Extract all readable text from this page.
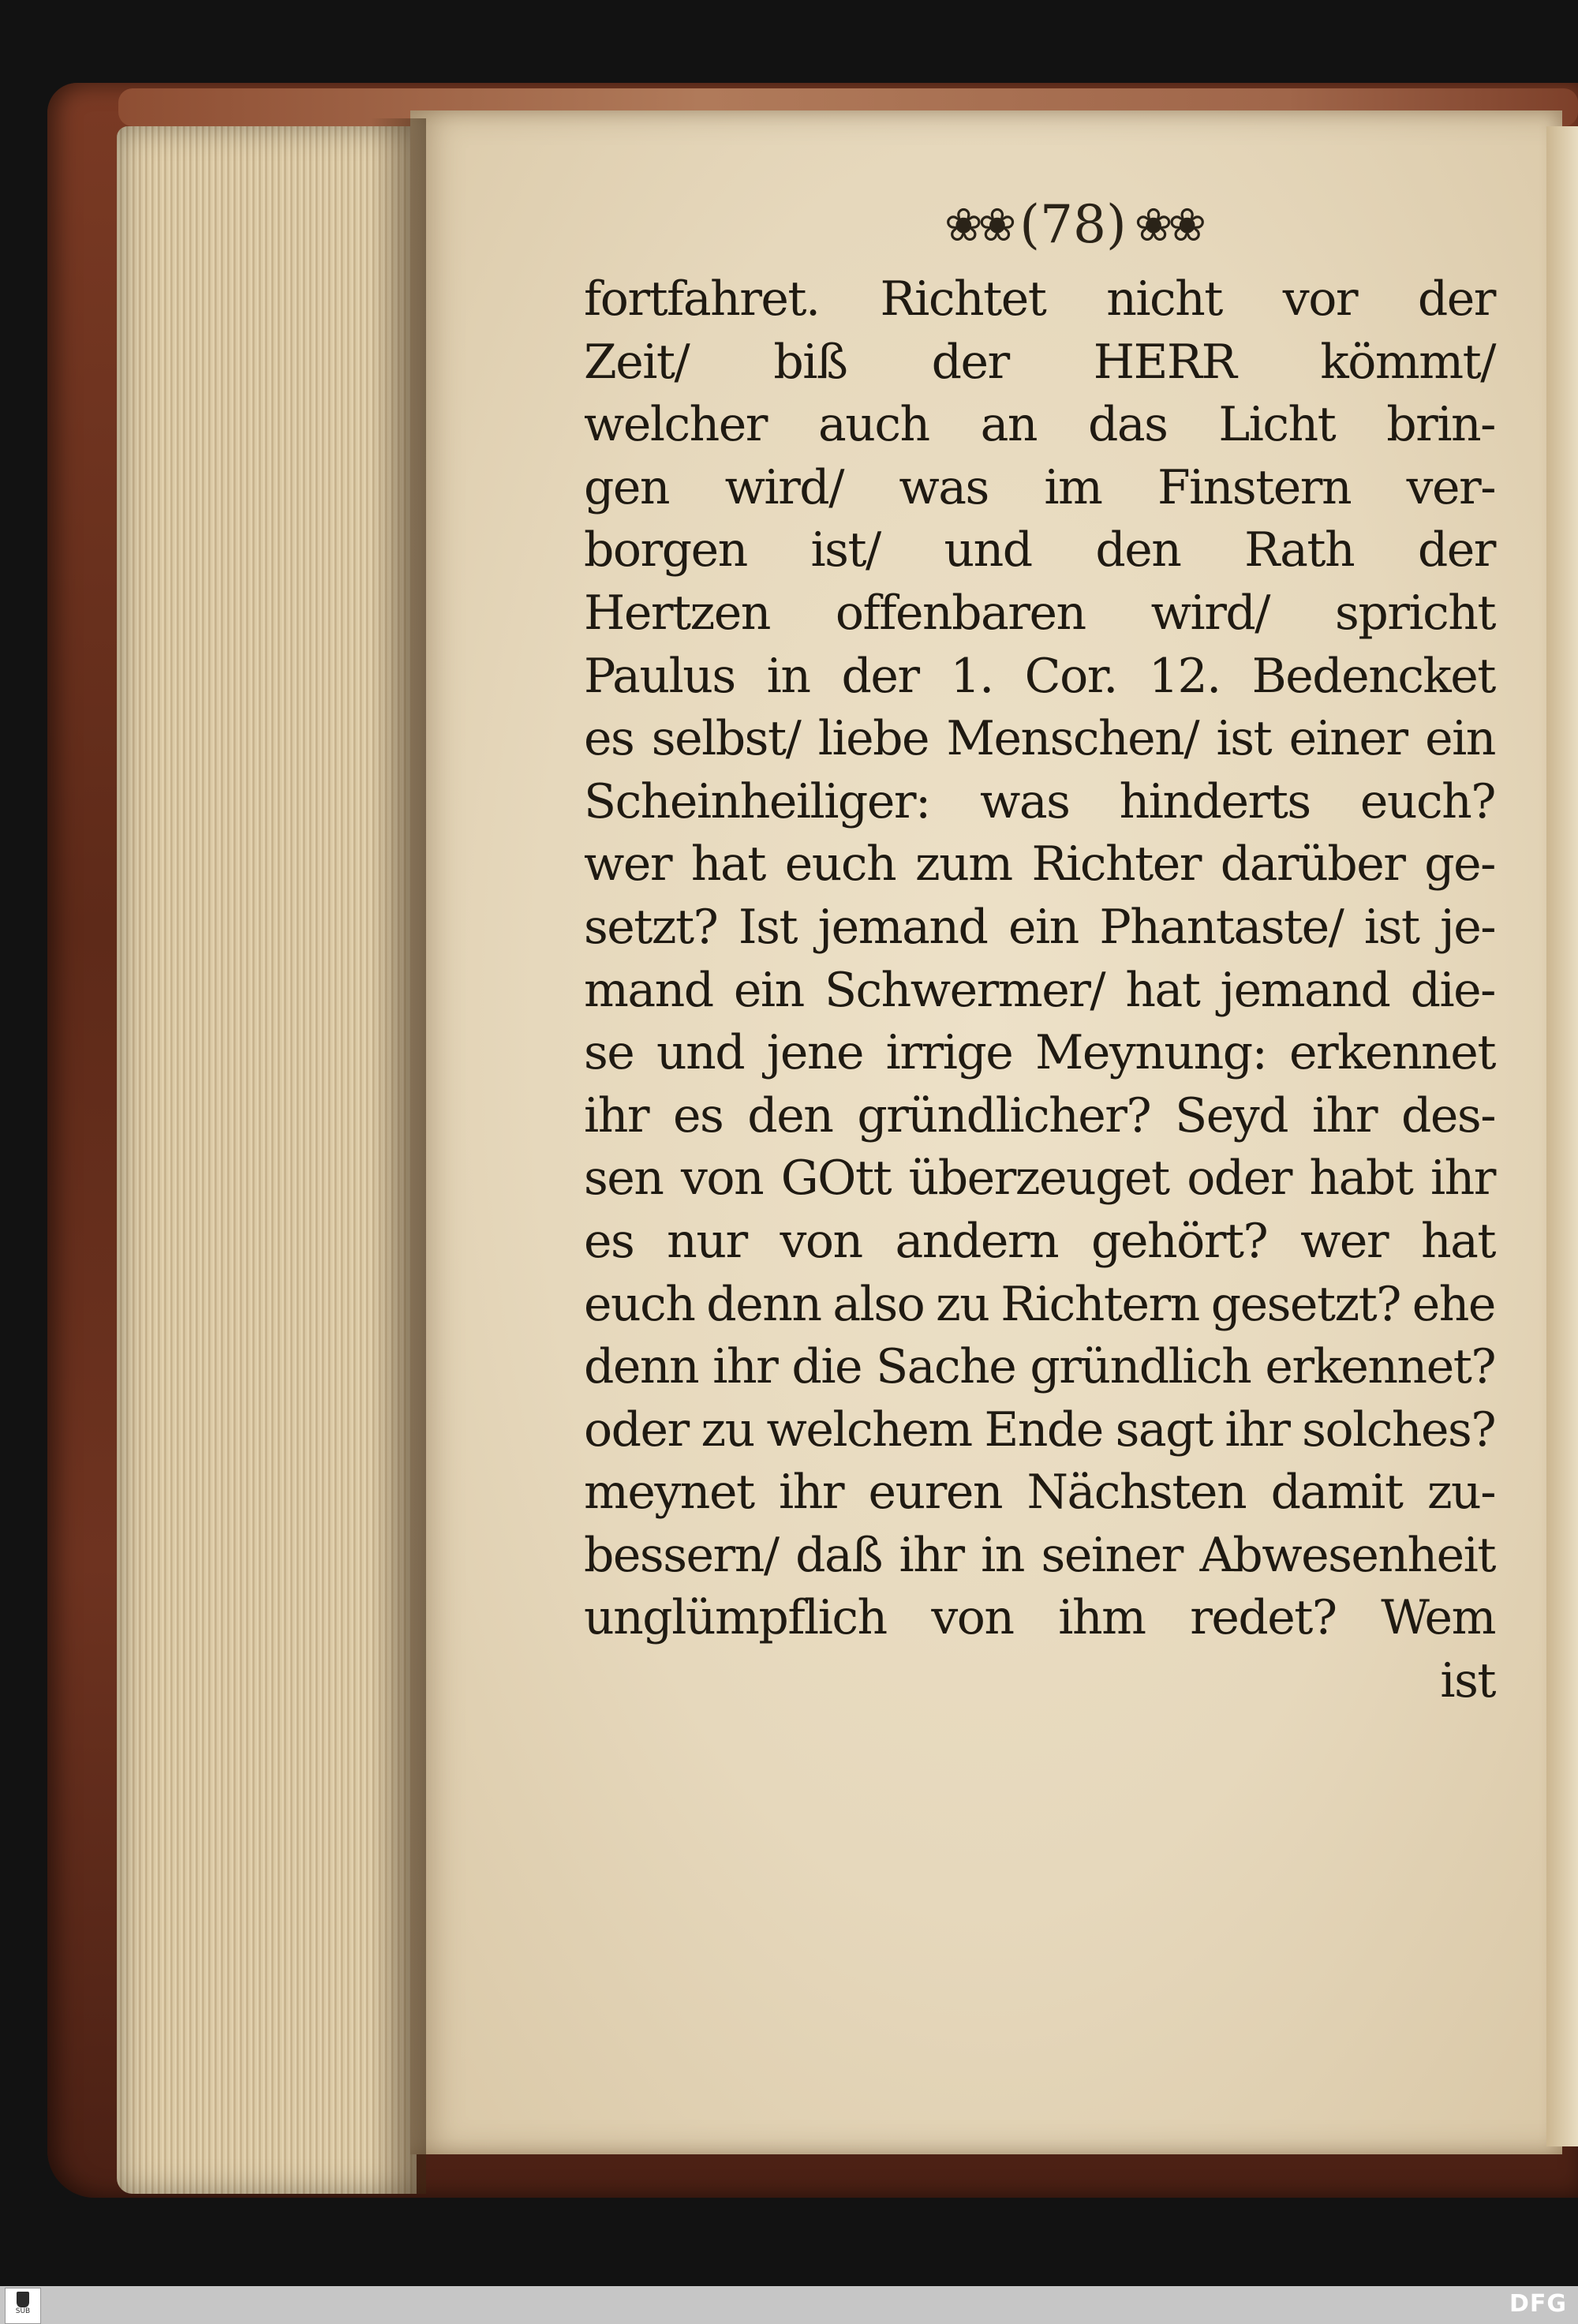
❀❀ (78) ❀❀
fortfahret. Richtet nicht vor der
Zeit/ biß der HERR kömmt/
welcher auch an das Licht brin-
gen wird/ was im Finstern ver-
borgen ist/ und den Rath der
Hertzen offenbaren wird/ spricht
Paulus in der 1. Cor. 12. Bedencket
es selbst/ liebe Menschen/ ist einer ein
Scheinheiliger: was hinderts euch?
wer hat euch zum Richter darüber ge-
setzt? Ist jemand ein Phantaste/ ist je-
mand ein Schwermer/ hat jemand die-
se und jene irrige Meynung: erkennet
ihr es den gründlicher? Seyd ihr des-
sen von GOtt überzeuget oder habt ihr
es nur von andern gehört? wer hat
euch denn also zu Richtern gesetzt? ehe
denn ihr die Sache gründlich erkennet?
oder zu welchem Ende sagt ihr solches?
meynet ihr euren Nächsten damit zu-
bessern/ daß ihr in seiner Abwesenheit
unglümpflich von ihm redet? Wem
ist
SUB	DFG
